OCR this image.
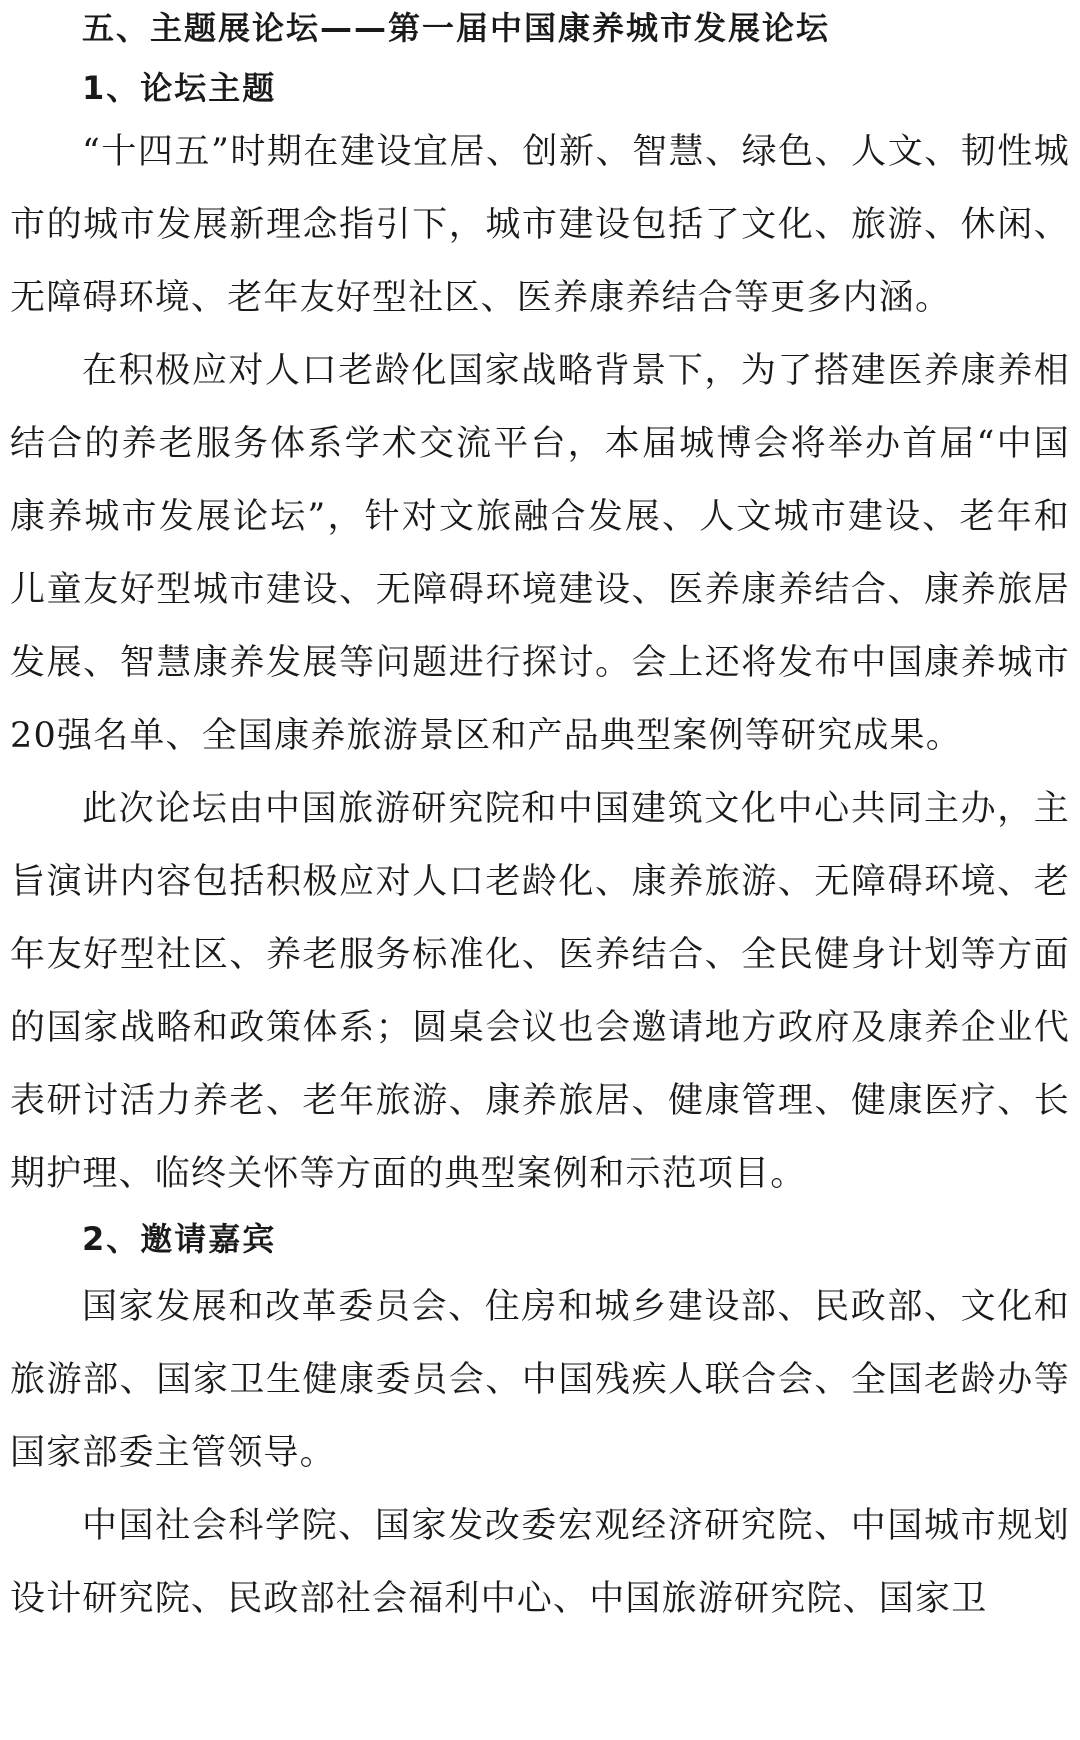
五、主题展论坛——第一届中国康养城市发展论坛
1、论坛主题

“十四五”时期在建设宜居、创新、智慧、绿色、人文、韧性城市的城市发展新理念指引下，城市建设包括了文化、旅游、休闲、无障碍环境、老年友好型社区、医养康养结合等更多内涵。

在积极应对人口老龄化国家战略背景下，为了搭建医养康养相结合的养老服务体系学术交流平台，本届城博会将举办首届“中国康养城市发展论坛”，针对文旅融合发展、人文城市建设、老年和儿童友好型城市建设、无障碍环境建设、医养康养结合、康养旅居发展、智慧康养发展等问题进行探讨。会上还将发布中国康养城市20强名单、全国康养旅游景区和产品典型案例等研究成果。

此次论坛由中国旅游研究院和中国建筑文化中心共同主办，主旨演讲内容包括积极应对人口老龄化、康养旅游、无障碍环境、老年友好型社区、养老服务标准化、医养结合、全民健身计划等方面的国家战略和政策体系；圆桌会议也会邀请地方政府及康养企业代表研讨活力养老、老年旅游、康养旅居、健康管理、健康医疗、长期护理、临终关怀等方面的典型案例和示范项目。

2、邀请嘉宾

国家发展和改革委员会、住房和城乡建设部、民政部、文化和旅游部、国家卫生健康委员会、中国残疾人联合会、全国老龄办等国家部委主管领导。

中国社会科学院、国家发改委宏观经济研究院、中国城市规划设计研究院、民政部社会福利中心、中国旅游研究院、国家卫
